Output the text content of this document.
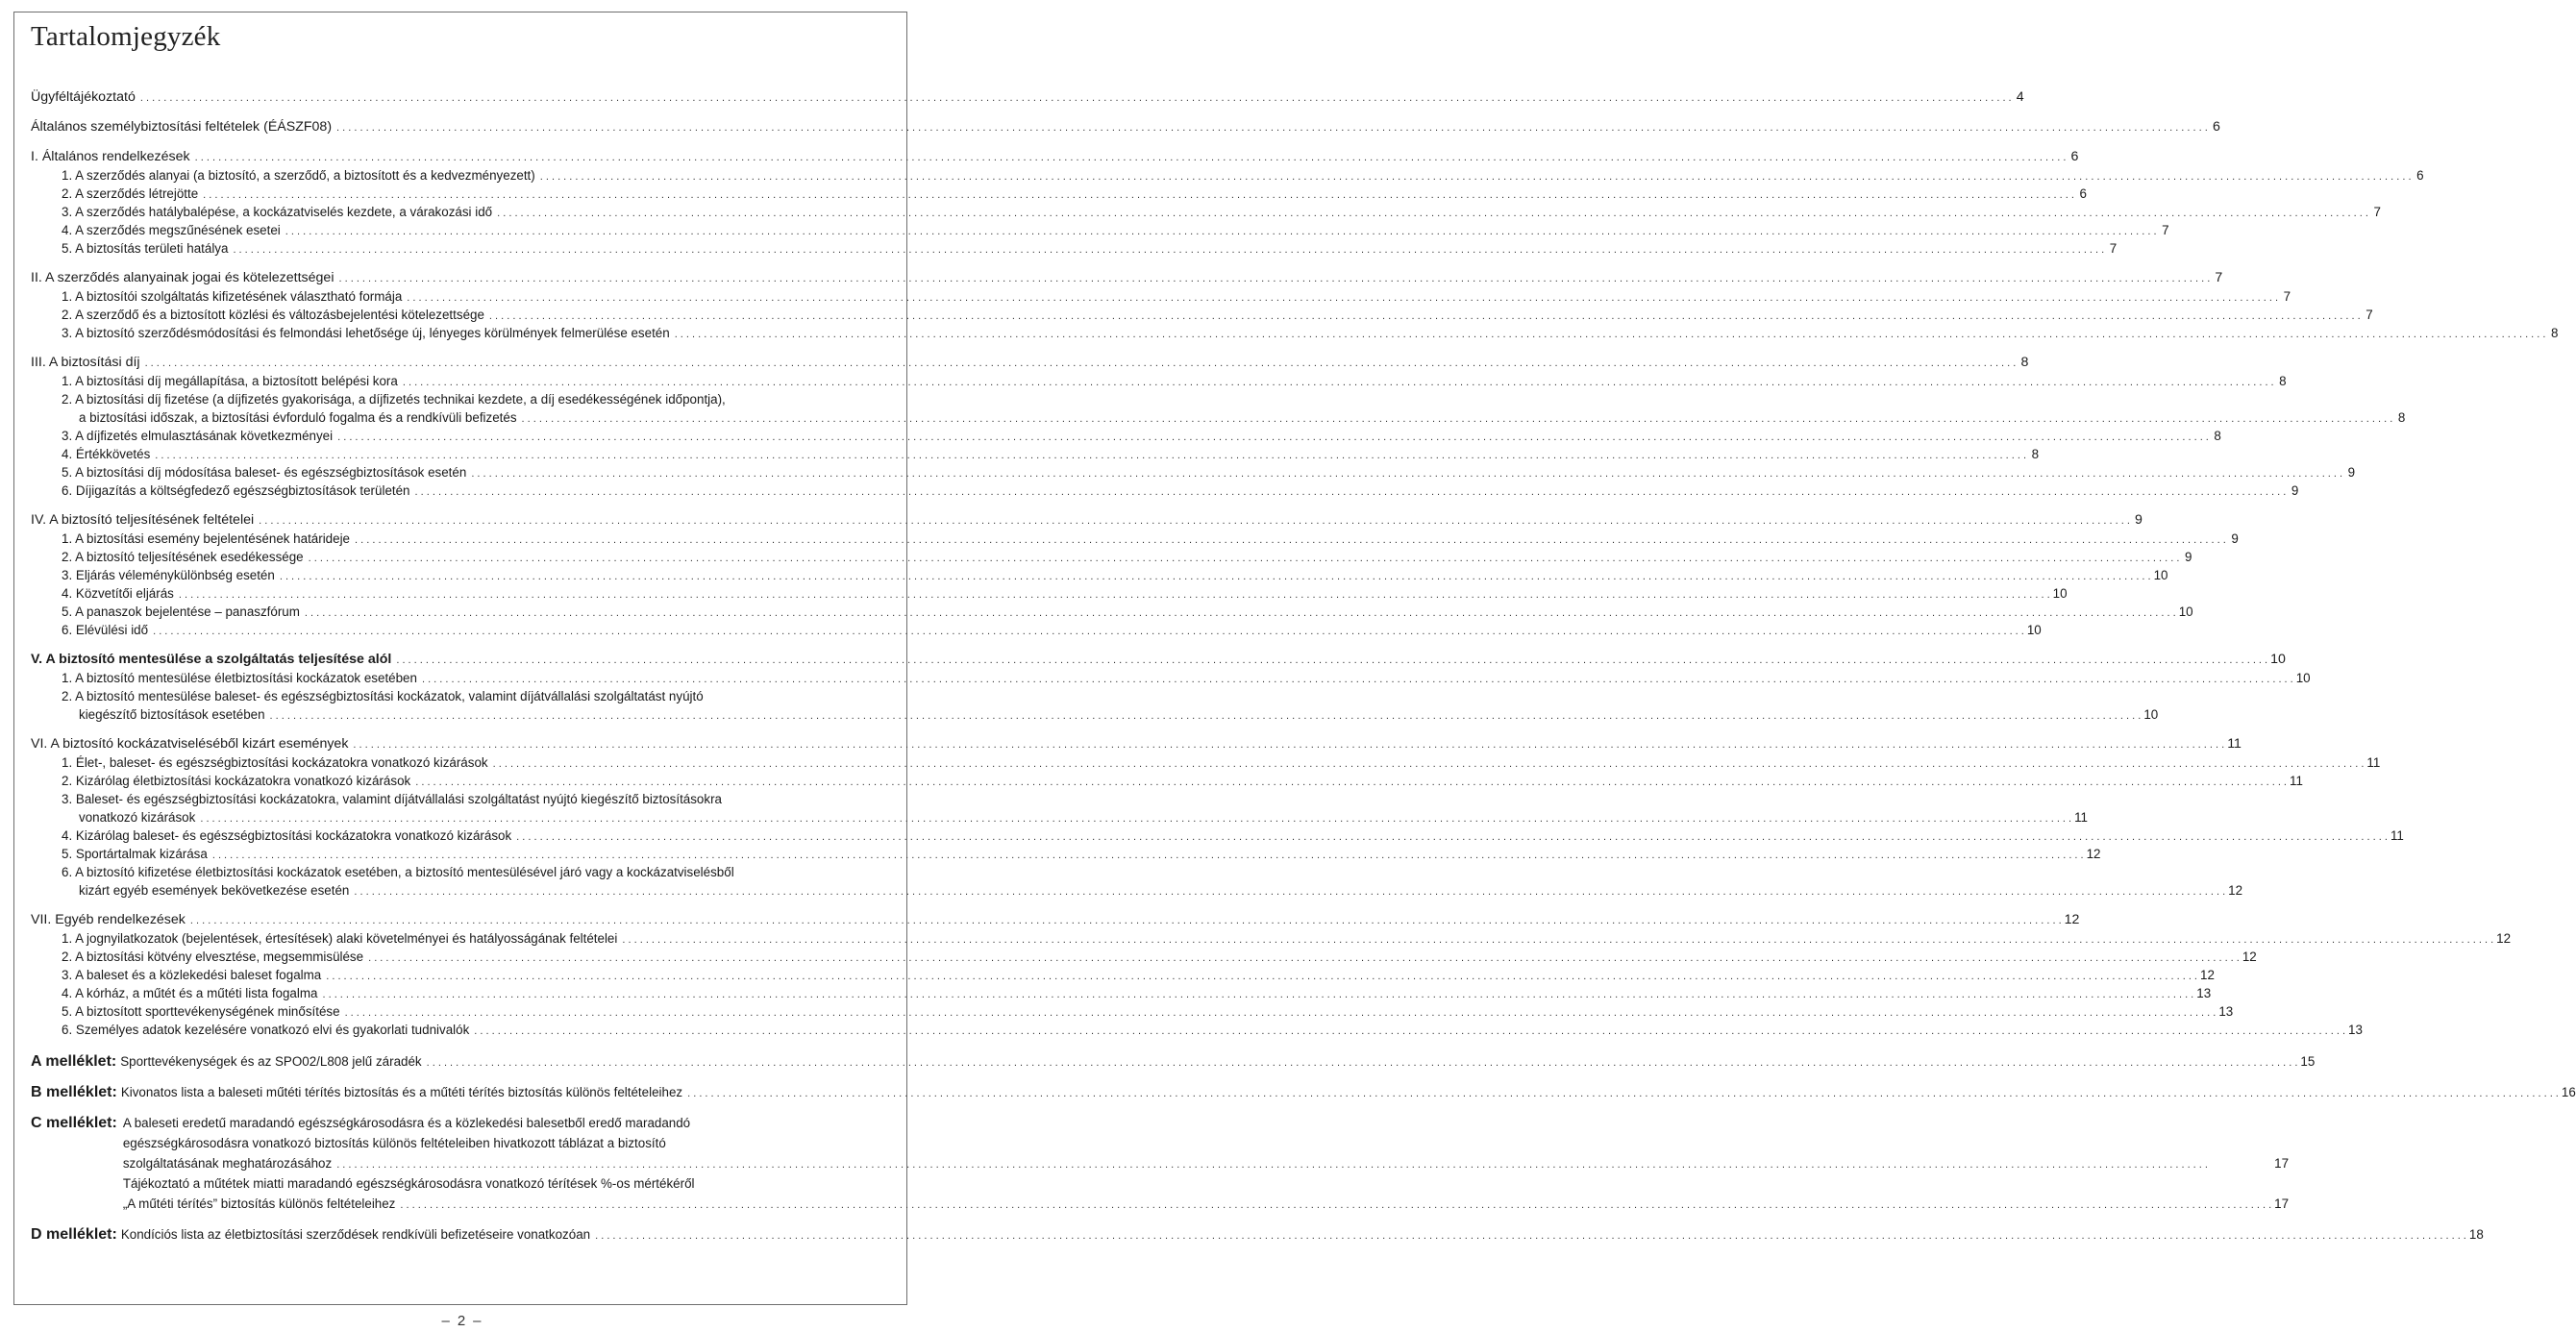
Tartalomjegyzék
Ügyféltájékoztató . . .	4
Általános személybiztosítási feltételek (ÉÁSZF08) . . .	6
I. Általános rendelkezések . . .	6
1. A szerződés alanyai (a biztosító, a szerződő, a biztosított és a kedvezményezett) . . .	6
2. A szerződés létrejötte . . .	6
3. A szerződés hatálybalépése, a kockázatviselés kezdete, a várakozási idő . . .	7
4. A szerződés megszűnésének esetei . . .	7
5. A biztosítás területi hatálya . . .	7
II. A szerződés alanyainak jogai és kötelezettségei . . .	7
1. A biztosítói szolgáltatás kifizetésének választható formája . . .	7
2. A szerződő és a biztosított közlési és változásbejelentési kötelezettsége . . .	7
3. A biztosító szerződésmódosítási és felmondási lehetősége új, lényeges körülmények felmerülése esetén . . .	8
III. A biztosítási díj . . .	8
1. A biztosítási díj megállapítása, a biztosított belépési kora . . .	8
2. A biztosítási díj fizetése (a díjfizetés gyakorisága, a díjfizetés technikai kezdete, a díj esedékességének időpontja),
a biztosítási időszak, a biztosítási évforduló fogalma és a rendkívüli befizetés . . .	8
3. A díjfizetés elmulasztásának következményei . . .	8
4. Értékkövetés . . .	8
5. A biztosítási díj módosítása baleset- és egészségbiztosítások esetén . . .	9
6. Díjigazítás a költségfedező egészségbiztosítások területén . . .	9
IV. A biztosító teljesítésének feltételei . . .	9
1. A biztosítási esemény bejelentésének határideje . . .	9
2. A biztosító teljesítésének esedékessége . . .	9
3. Eljárás véleménykülönbség esetén . . .	10
4. Közvetítői eljárás . . .	10
5. A panaszok bejelentése – panaszfórum . . .	10
6. Elévülési idő . . .	10
V. A biztosító mentesülése a szolgáltatás teljesítése alól . . .	10
1. A biztosító mentesülése életbiztosítási kockázatok esetében . . .	10
2. A biztosító mentesülése baleset- és egészségbiztosítási kockázatok, valamint díjátvállalási szolgáltatást nyújtó
kiegészítő biztosítások esetében . . .	10
VI. A biztosító kockázatviseléséből kizárt események . . .	11
1. Élet-, baleset- és egészségbiztosítási kockázatokra vonatkozó kizárások . . .	11
2. Kizárólag életbiztosítási kockázatokra vonatkozó kizárások . . .	11
3. Baleset- és egészségbiztosítási kockázatokra, valamint díjátvállalási szolgáltatást nyújtó kiegészítő biztosításokra
vonatkozó kizárások . . .	11
4. Kizárólag baleset- és egészségbiztosítási kockázatokra vonatkozó kizárások . . .	11
5. Sportártalmak kizárása . . .	12
6. A biztosító kifizetése életbiztosítási kockázatok esetében, a biztosító mentesülésével járó vagy a kockázatviselésből
kizárt egyéb események bekövetkezése esetén . . .	12
VII. Egyéb rendelkezések . . .	12
1. A jognyilatkozatok (bejelentések, értesítések) alaki követelményei és hatályosságának feltételei . . .	12
2. A biztosítási kötvény elvesztése, megsemmisülése . . .	12
3. A baleset és a közlekedési baleset fogalma . . .	12
4. A kórház, a műtét és a műtéti lista fogalma . . .	13
5. A biztosított sporttevékenységének minősítése . . .	13
6. Személyes adatok kezelésére vonatkozó elvi és gyakorlati tudnivalók . . .	13
A melléklet: Sporttevékenységek és az SPO02/L808 jelű záradék . . .	15
B melléklet: Kivonatos lista a baleseti műtéti térítés biztosítás és a műtéti térítés biztosítás különös feltételeihez . . .	16
C melléklet: A baleseti eredetű maradandó egészségkárosodásra és a közlekedési balesetből eredő maradandó
egészségkárosodásra vonatkozó biztosítás különös feltételeiben hivatkozott táblázat a biztosító
szolgáltatásának meghatározásához . . .	17
Tájékoztató a műtétek miatti maradandó egészségkárosodásra vonatkozó térítések %-os mértékéről
„A műtéti térítés” biztosítás különös feltételeihez . . .	17
D melléklet: Kondíciós lista az életbiztosítási szerződések rendkívüli befizetéseire vonatkozóan . . .	18
– 2 –
